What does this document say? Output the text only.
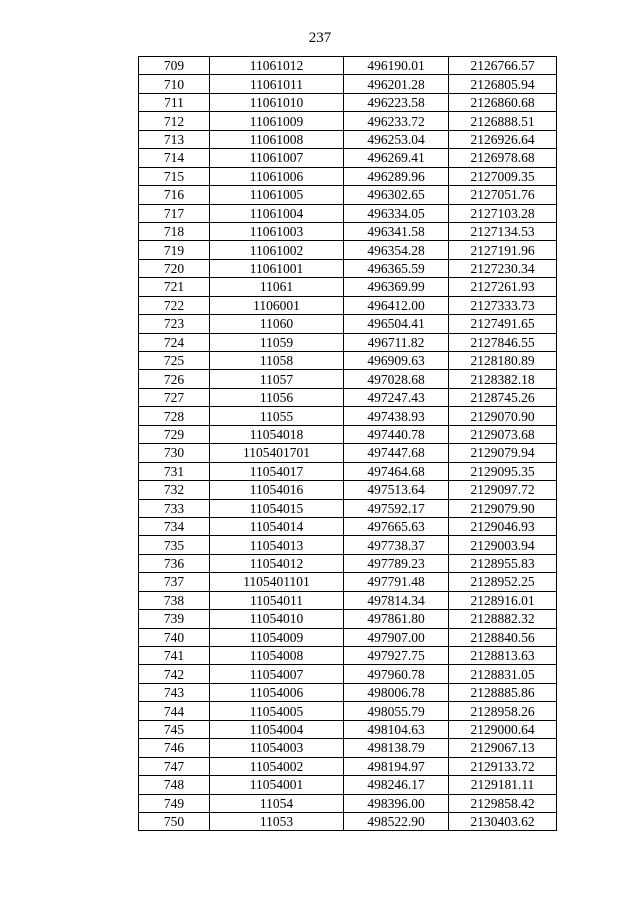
237
709	11061012	496190.01	2126766.57
710	11061011	496201.28	2126805.94
711	11061010	496223.58	2126860.68
712	11061009	496233.72	2126888.51
713	11061008	496253.04	2126926.64
714	11061007	496269.41	2126978.68
715	11061006	496289.96	2127009.35
716	11061005	496302.65	2127051.76
717	11061004	496334.05	2127103.28
718	11061003	496341.58	2127134.53
719	11061002	496354.28	2127191.96
720	11061001	496365.59	2127230.34
721	11061	496369.99	2127261.93
722	1106001	496412.00	2127333.73
723	11060	496504.41	2127491.65
724	11059	496711.82	2127846.55
725	11058	496909.63	2128180.89
726	11057	497028.68	2128382.18
727	11056	497247.43	2128745.26
728	11055	497438.93	2129070.90
729	11054018	497440.78	2129073.68
730	1105401701	497447.68	2129079.94
731	11054017	497464.68	2129095.35
732	11054016	497513.64	2129097.72
733	11054015	497592.17	2129079.90
734	11054014	497665.63	2129046.93
735	11054013	497738.37	2129003.94
736	11054012	497789.23	2128955.83
737	1105401101	497791.48	2128952.25
738	11054011	497814.34	2128916.01
739	11054010	497861.80	2128882.32
740	11054009	497907.00	2128840.56
741	11054008	497927.75	2128813.63
742	11054007	497960.78	2128831.05
743	11054006	498006.78	2128885.86
744	11054005	498055.79	2128958.26
745	11054004	498104.63	2129000.64
746	11054003	498138.79	2129067.13
747	11054002	498194.97	2129133.72
748	11054001	498246.17	2129181.11
749	11054	498396.00	2129858.42
750	11053	498522.90	2130403.62
